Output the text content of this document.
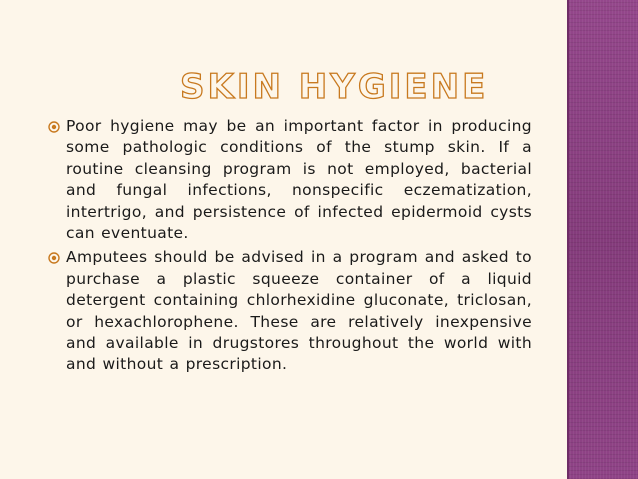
SKIN HYGIENE
Poor hygiene may be an important factor in producing some pathologic conditions of the stump skin. If a routine cleansing program is not employed, bacterial and fungal infections, nonspecific eczematization, intertrigo, and persistence of infected epidermoid cysts can eventuate.
Amputees should be advised in a program and asked to purchase a plastic squeeze container of a liquid detergent containing chlorhexidine gluconate, triclosan, or hexachlorophene. These are relatively inexpensive and available in drugstores throughout the world with and without a prescription.
